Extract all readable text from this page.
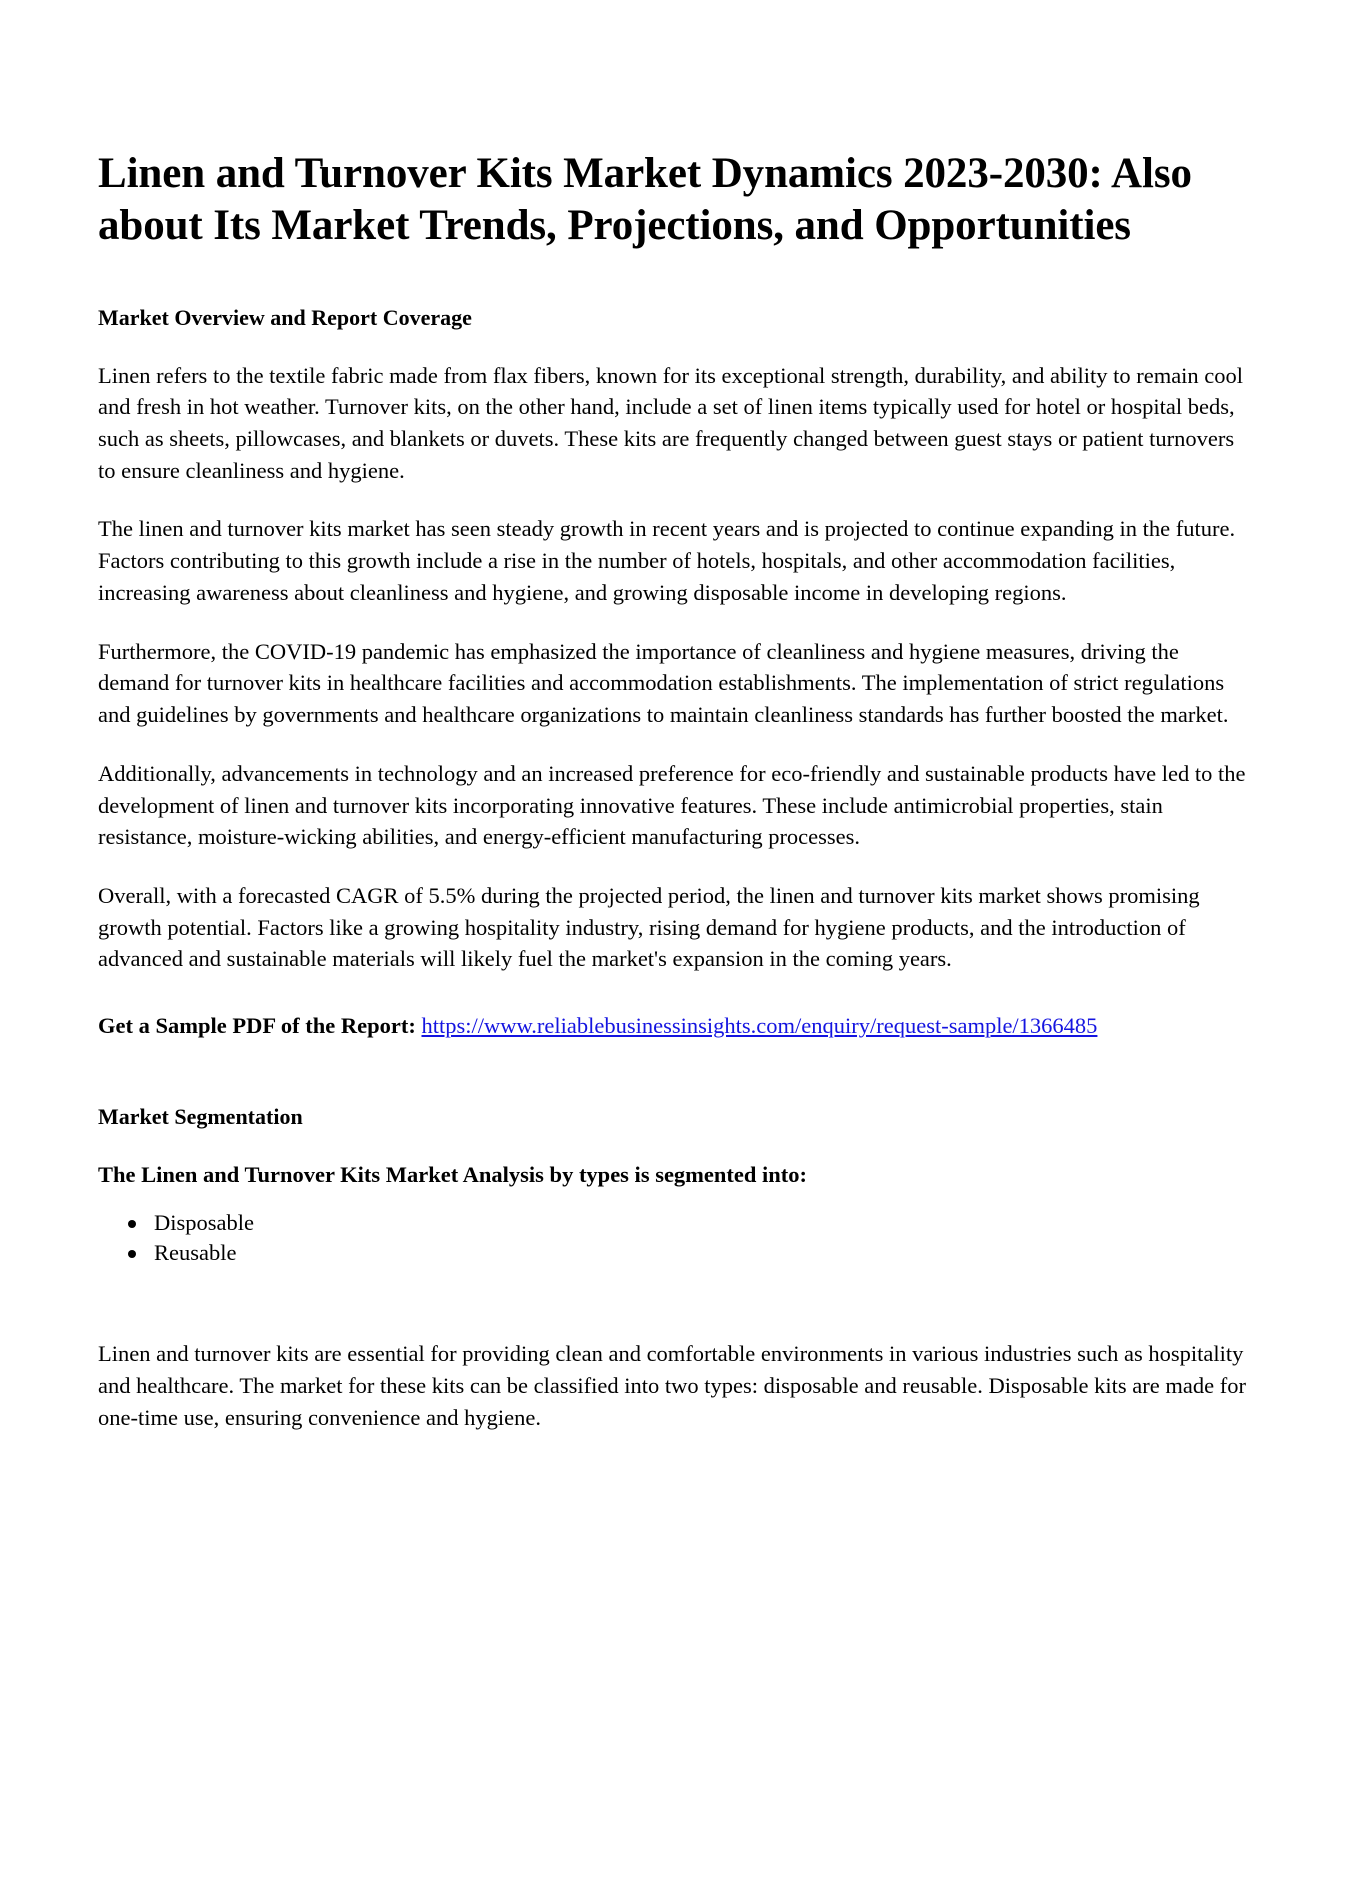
Linen and Turnover Kits Market Dynamics 2023-2030: Also about Its Market Trends, Projections, and Opportunities
Market Overview and Report Coverage

Linen refers to the textile fabric made from flax fibers, known for its exceptional strength, durability, and ability to remain cool and fresh in hot weather. Turnover kits, on the other hand, include a set of linen items typically used for hotel or hospital beds, such as sheets, pillowcases, and blankets or duvets. These kits are frequently changed between guest stays or patient turnovers to ensure cleanliness and hygiene.

The linen and turnover kits market has seen steady growth in recent years and is projected to continue expanding in the future. Factors contributing to this growth include a rise in the number of hotels, hospitals, and other accommodation facilities, increasing awareness about cleanliness and hygiene, and growing disposable income in developing regions.

Furthermore, the COVID-19 pandemic has emphasized the importance of cleanliness and hygiene measures, driving the demand for turnover kits in healthcare facilities and accommodation establishments. The implementation of strict regulations and guidelines by governments and healthcare organizations to maintain cleanliness standards has further boosted the market.

Additionally, advancements in technology and an increased preference for eco-friendly and sustainable products have led to the development of linen and turnover kits incorporating innovative features. These include antimicrobial properties, stain resistance, moisture-wicking abilities, and energy-efficient manufacturing processes.

Overall, with a forecasted CAGR of 5.5% during the projected period, the linen and turnover kits market shows promising growth potential. Factors like a growing hospitality industry, rising demand for hygiene products, and the introduction of advanced and sustainable materials will likely fuel the market's expansion in the coming years.

Get a Sample PDF of the Report: https://www.reliablebusinessinsights.com/enquiry/request-sample/1366485

Market Segmentation

The Linen and Turnover Kits Market Analysis by types is segmented into:

Disposable
Reusable

Linen and turnover kits are essential for providing clean and comfortable environments in various industries such as hospitality and healthcare. The market for these kits can be classified into two types: disposable and reusable. Disposable kits are made for one-time use, ensuring convenience and hygiene.
